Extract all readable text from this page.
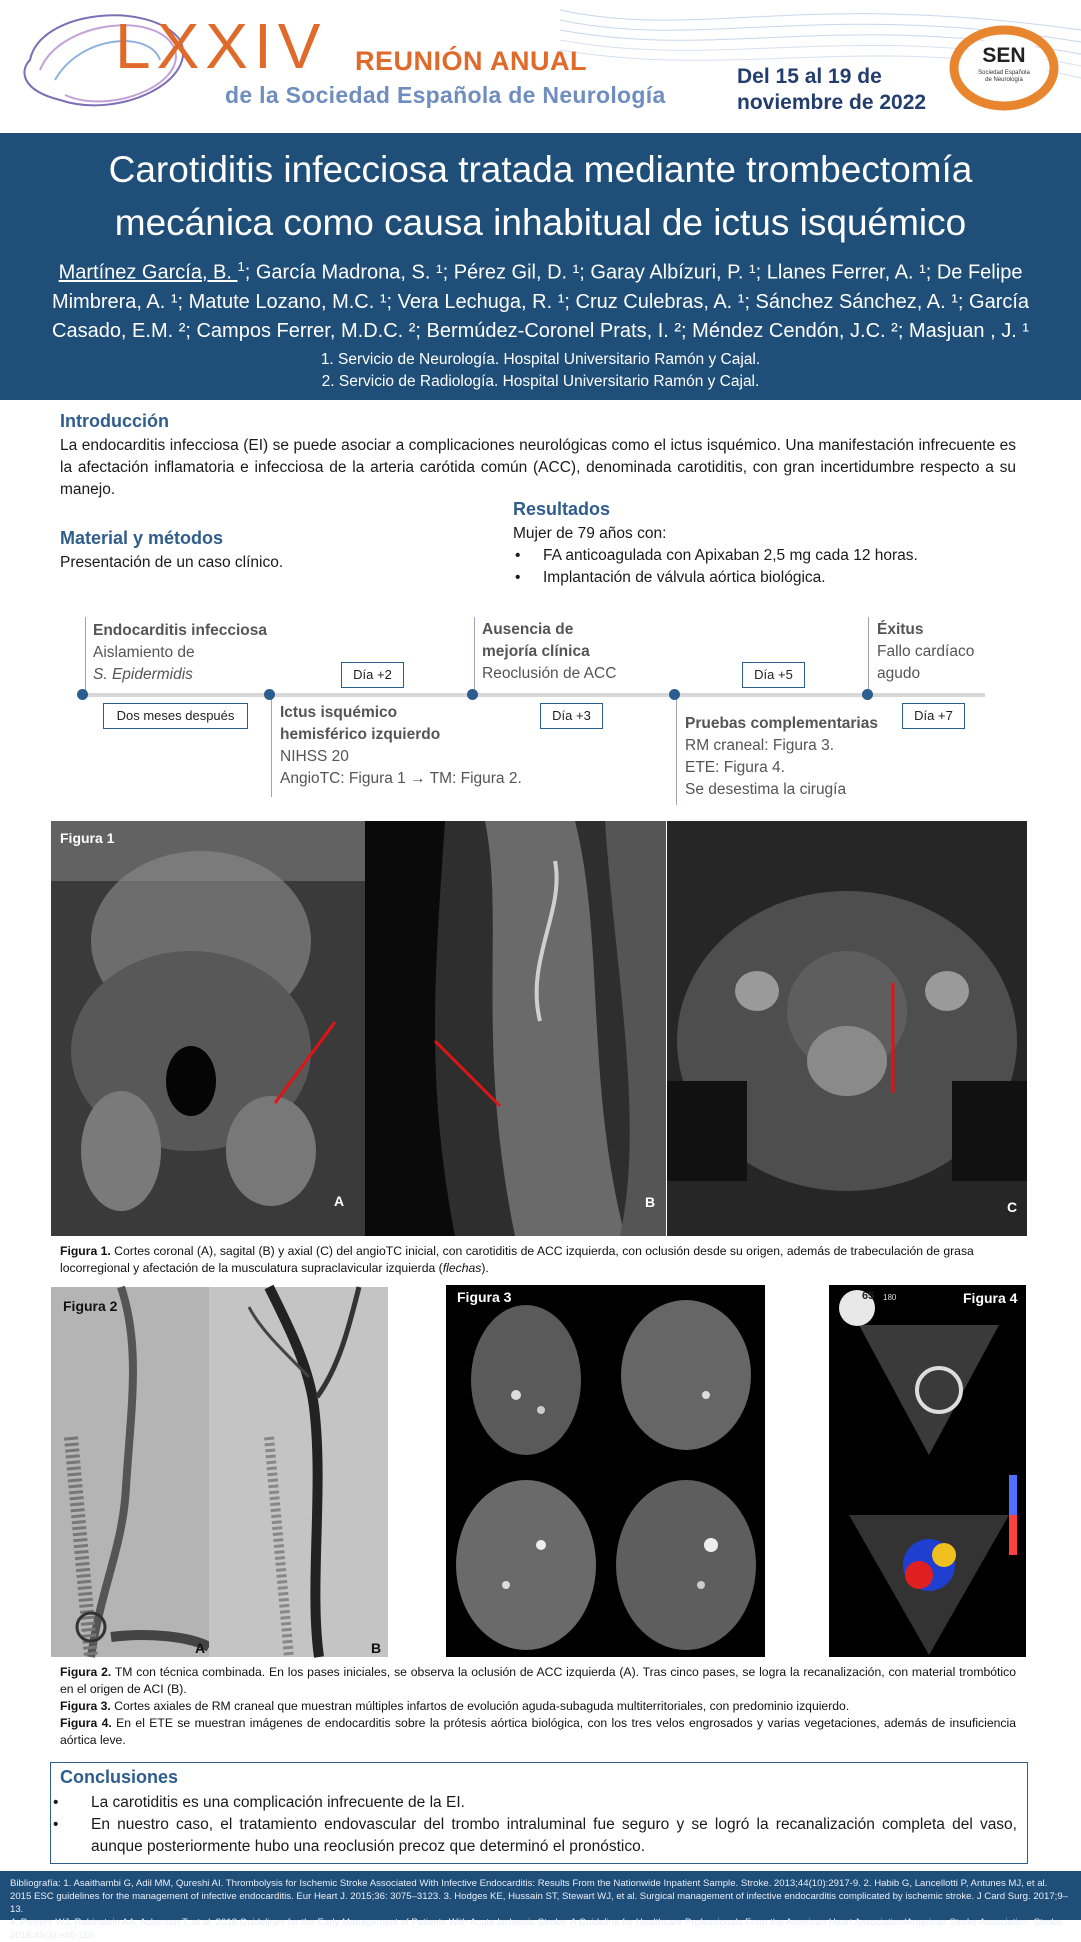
LXXIV REUNIÓN ANUAL
de la Sociedad Española de Neurología
Del 15 al 19 de
noviembre de 2022
SEN
Sociedad Española
de Neurología
Carotiditis infecciosa tratada mediante trombectomía
mecánica como causa inhabitual de ictus isquémico
Martínez García, B. $^1$; García Madrona, S. ¹; Pérez Gil, D. ¹; Garay Albízuri, P. ¹; Llanes Ferrer, A. ¹; De Felipe
Mimbrera, A. ¹; Matute Lozano, M.C. ¹; Vera Lechuga, R. ¹; Cruz Culebras, A. ¹; Sánchez Sánchez, A. ¹; García
Casado, E.M. ²; Campos Ferrer, M.D.C. ²; Bermúdez-Coronel Prats, I. ²; Méndez Cendón, J.C. ²; Masjuan , J. ¹
1. Servicio de Neurología. Hospital Universitario Ramón y Cajal.
2. Servicio de Radiología. Hospital Universitario Ramón y Cajal.
Introducción
La endocarditis infecciosa (EI) se puede asociar a complicaciones neurológicas como el ictus isquémico. Una manifestación infrecuente es la afectación inflamatoria e infecciosa de la arteria carótida común (ACC), denominada carotiditis, con gran incertidumbre respecto a su manejo.
Material y métodos
Presentación de un caso clínico.
Resultados
Mujer de 79 años con:
• FA anticoagulada con Apixaban 2,5 mg cada 12 horas.
• Implantación de válvula aórtica biológica.
Endocarditis infecciosa
Aislamiento de
S. Epidermidis
Ictus isquémico
hemisférico izquierdo
NIHSS 20
AngioTC: Figura 1 → TM: Figura 2.
Ausencia de
mejoría clínica
Reoclusión de ACC
Pruebas complementarias
RM craneal: Figura 3.
ETE: Figura 4.
Se desestima la cirugía
Éxitus
Fallo cardíaco
agudo
Dos meses después
Día +2
Día +3
Día +5
Día +7
Figura 1
A	B	C
Figura 1. Cortes coronal (A), sagital (B) y axial (C) del angioTC inicial, con carotiditis de ACC izquierda, con oclusión desde su origen, además de trabeculación de grasa locorregional y afectación de la musculatura supraclavicular izquierda (flechas).
Figura 2
A	B
Figura 3	65 180	Figura 4
Figura 2. TM con técnica combinada. En los pases iniciales, se observa la oclusión de ACC izquierda (A). Tras cinco pases, se logra la recanalización, con material trombótico en el origen de ACI (B).
Figura 3. Cortes axiales de RM craneal que muestran múltiples infartos de evolución aguda-subaguda multiterritoriales, con predominio izquierdo.
Figura 4. En el ETE se muestran imágenes de endocarditis sobre la prótesis aórtica biológica, con los tres velos engrosados y varias vegetaciones, además de insuficiencia aórtica leve.
Conclusiones
• La carotiditis es una complicación infrecuente de la EI.
• En nuestro caso, el tratamiento endovascular del trombo intraluminal fue seguro y se logró la recanalización completa del vaso, aunque posteriormente hubo una reoclusión precoz que determinó el pronóstico.
Bibliografía: 1. Asaithambi G, Adil MM, Qureshi AI. Thrombolysis for Ischemic Stroke Associated With Infective Endocarditis: Results From the Nationwide Inpatient Sample. Stroke. 2013;44(10):2917-9. 2. Habib G, Lancellotti P, Antunes MJ, et al.
2015 ESC guidelines for the management of infective endocarditis. Eur Heart J. 2015;36: 3075–3123. 3. Hodges KE, Hussain ST, Stewart WJ, et al. Surgical management of infective endocarditis complicated by ischemic stroke. J Card Surg. 2017;9–13.
4. Powers WJ, Rabinstein AA, Ackerson T, et al. 2018 Guidelines for the Early Management of Patients With Acute Ischemic Stroke: A Guideline for Healthcare Professionals From the American Heart Association/American Stroke Association. Stroke.
2018;49(3):e46-110.
